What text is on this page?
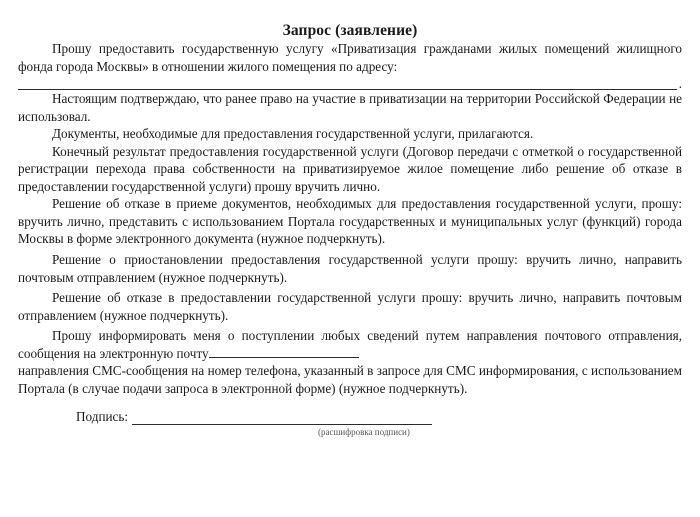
Запрос (заявление)

Прошу предоставить государственную услугу «Приватизация гражданами жилых помещений жилищного фонда города Москвы» в отношении жилого помещения по адресу:

.

Настоящим подтверждаю, что ранее право на участие в приватизации на территории Российской Федерации не использовал.

Документы, необходимые для предоставления государственной услуги, прилагаются.

Конечный результат предоставления государственной услуги (Договор передачи с отметкой о государственной регистрации перехода права собственности на приватизируемое жилое помещение либо решение об отказе в предоставлении государственной услуги) прошу вручить лично.

Решение об отказе в приеме документов, необходимых для предоставления государственной услуги, прошу: вручить лично, представить с использованием Портала государственных и муниципальных услуг (функций) города Москвы в форме электронного документа (нужное подчеркнуть).

Решение о приостановлении предоставления государственной услуги прошу: вручить лично, направить почтовым отправлением (нужное подчеркнуть).

Решение об отказе в предоставлении государственной услуги прошу: вручить лично, направить почтовым отправлением (нужное подчеркнуть).

Прошу информировать меня о поступлении любых сведений путем направления почтового отправления, сообщения на электронную почту

направления СМС-сообщения на номер телефона, указанный в запросе для СМС информирования, с использованием Портала (в случае подачи запроса в электронной форме) (нужное подчеркнуть).

Подпись:
(расшифровка подписи)
